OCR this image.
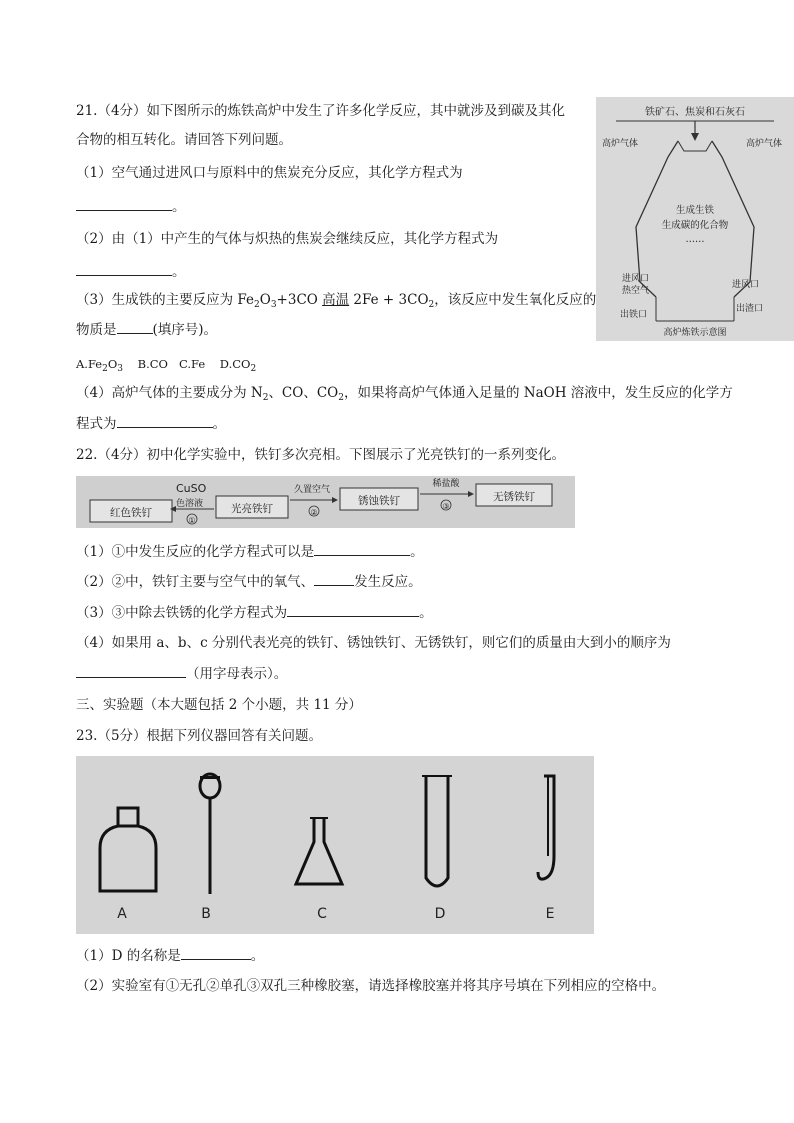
21.（4分）如下图所示的炼铁高炉中发生了许多化学反应，其中就涉及到碳及其化
合物的相互转化。请回答下列问题。
（1）空气通过进风口与原料中的焦炭充分反应，其化学方程式为
。
（2）由（1）中产生的气体与炽热的焦炭会继续反应，其化学方程式为
。
（3）生成铁的主要反应为 $Fe_2O_3+3CO$ 高温 $2Fe + 3CO_2$，该反应中发生氧化反应的
物质是	(填序号)。
$A.Fe_2O_3$ B.CO C.Fe $D.CO_2$
（4）高炉气体的主要成分为 $N_2$、CO、$CO_2$，如果将高炉气体通入足量的 NaOH 溶液中，发生反应的化学方
程式为	。
铁矿石、焦炭和石灰石
高炉气体	高炉气体
生成生铁
生成碳的化合物
……
进风口
热空气
进风口
出铁口
出渣口
高炉炼铁示意图
22.（4分）初中化学实验中，铁钉多次亮相。下图展示了光亮铁钉的一系列变化。
红色铁钉
CuSO
色溶液
①
光亮铁钉
久置空气
②
锈蚀铁钉
稀盐酸
③
无锈铁钉
（1）①中发生反应的化学方程式可以是	。
（2）②中，铁钉主要与空气中的氧气、	发生反应。
（3）③中除去铁锈的化学方程式为	。
（4）如果用 a、b、c 分别代表光亮的铁钉、锈蚀铁钉、无锈铁钉，则它们的质量由大到小的顺序为
（用字母表示）。
三、实验题（本大题包括 2 个小题，共 11 分）
23.（5分）根据下列仪器回答有关问题。
A	B	C	D	E
（1）D 的名称是	。
（2）实验室有①无孔②单孔③双孔三种橡胶塞，请选择橡胶塞并将其序号填在下列相应的空格中。
